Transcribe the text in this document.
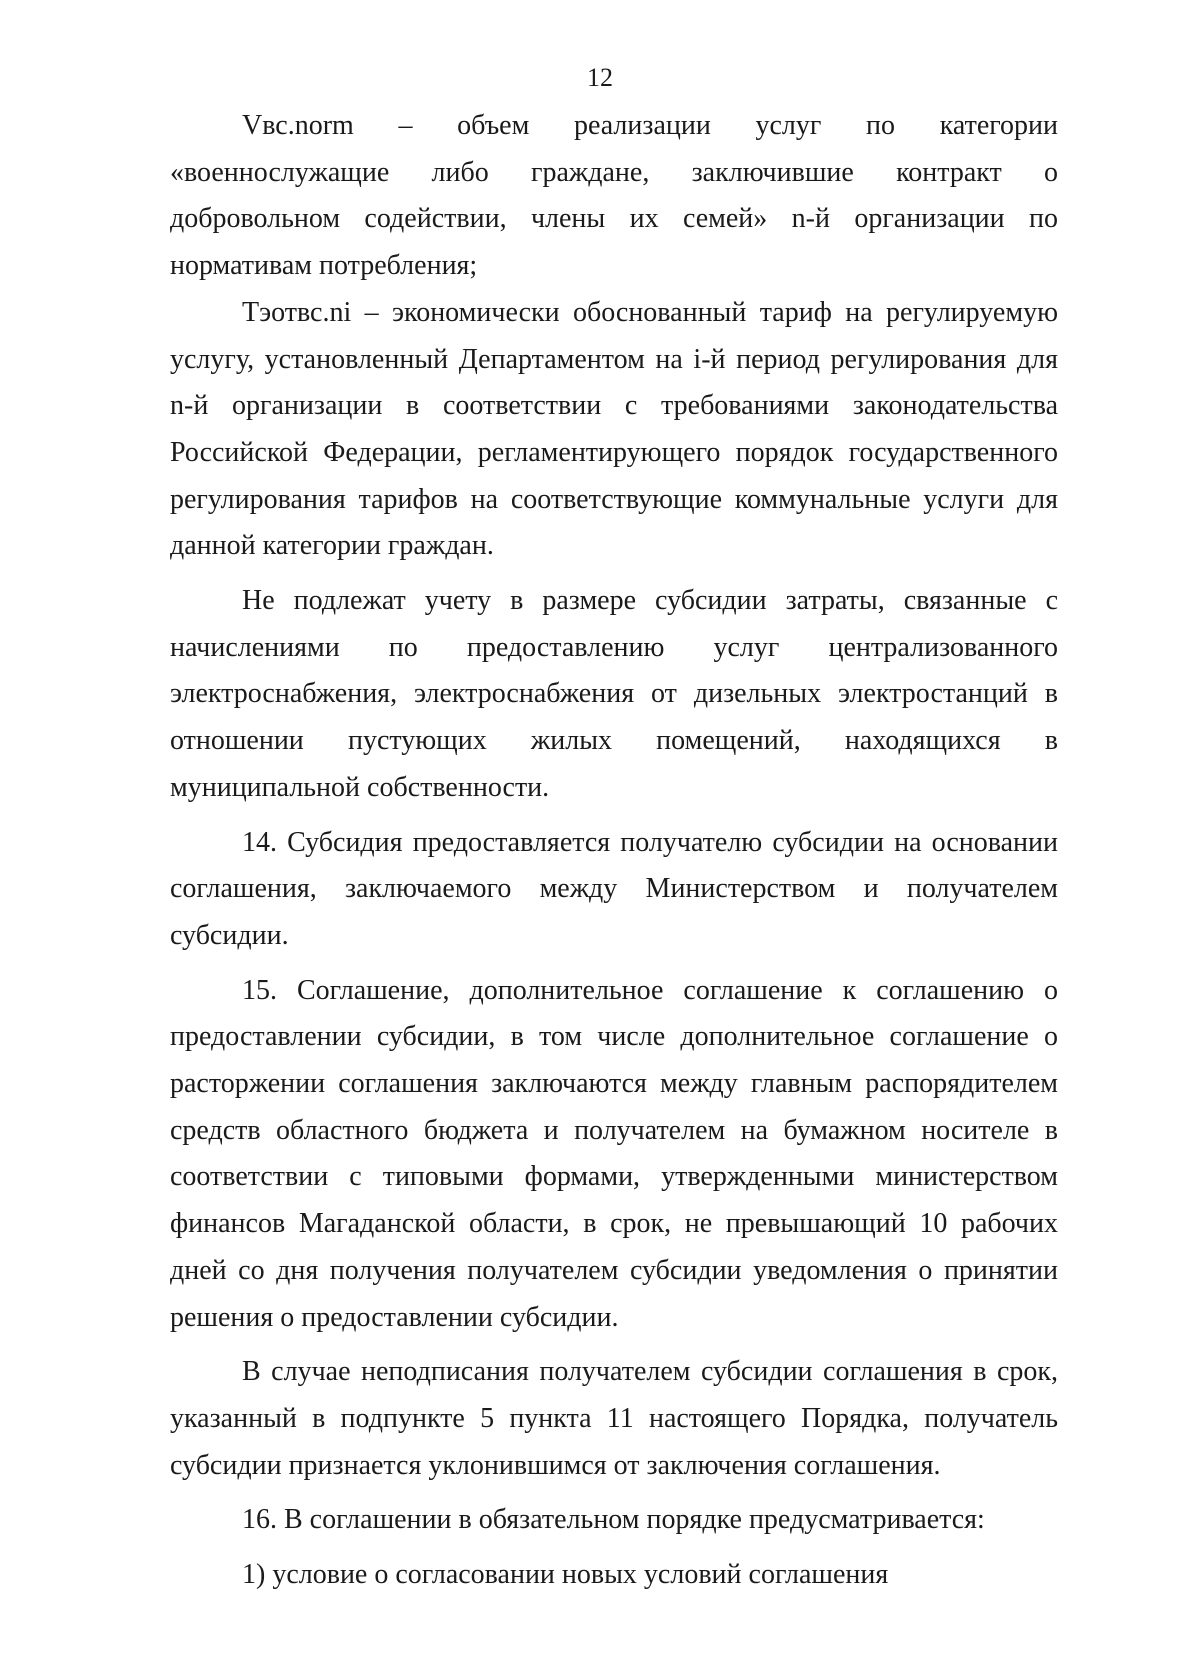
12

Vвс.norm – объем реализации услуг по категории «военнослужащие либо граждане, заключившие контракт о добровольном содействии, члены их семей» n-й организации по нормативам потребления;

Тэотвс.ni – экономически обоснованный тариф на регулируемую услугу, установленный Департаментом на i-й период регулирования для n-й организации в соответствии с требованиями законодательства Российской Федерации, регламентирующего порядок государственного регулирования тарифов на соответствующие коммунальные услуги для данной категории граждан.

Не подлежат учету в размере субсидии затраты, связанные с начислениями по предоставлению услуг централизованного электроснабжения, электроснабжения от дизельных электростанций в отношении пустующих жилых помещений, находящихся в муниципальной собственности.

14. Субсидия предоставляется получателю субсидии на основании соглашения, заключаемого между Министерством и получателем субсидии.

15. Соглашение, дополнительное соглашение к соглашению о предоставлении субсидии, в том числе дополнительное соглашение о расторжении соглашения заключаются между главным распорядителем средств областного бюджета и получателем на бумажном носителе в соответствии с типовыми формами, утвержденными министерством финансов Магаданской области, в срок, не превышающий 10 рабочих дней со дня получения получателем субсидии уведомления о принятии решения о предоставлении субсидии.

В случае неподписания получателем субсидии соглашения в срок, указанный в подпункте 5 пункта 11 настоящего Порядка, получатель субсидии признается уклонившимся от заключения соглашения.

16. В соглашении в обязательном порядке предусматривается:

1) условие о согласовании новых условий соглашения
